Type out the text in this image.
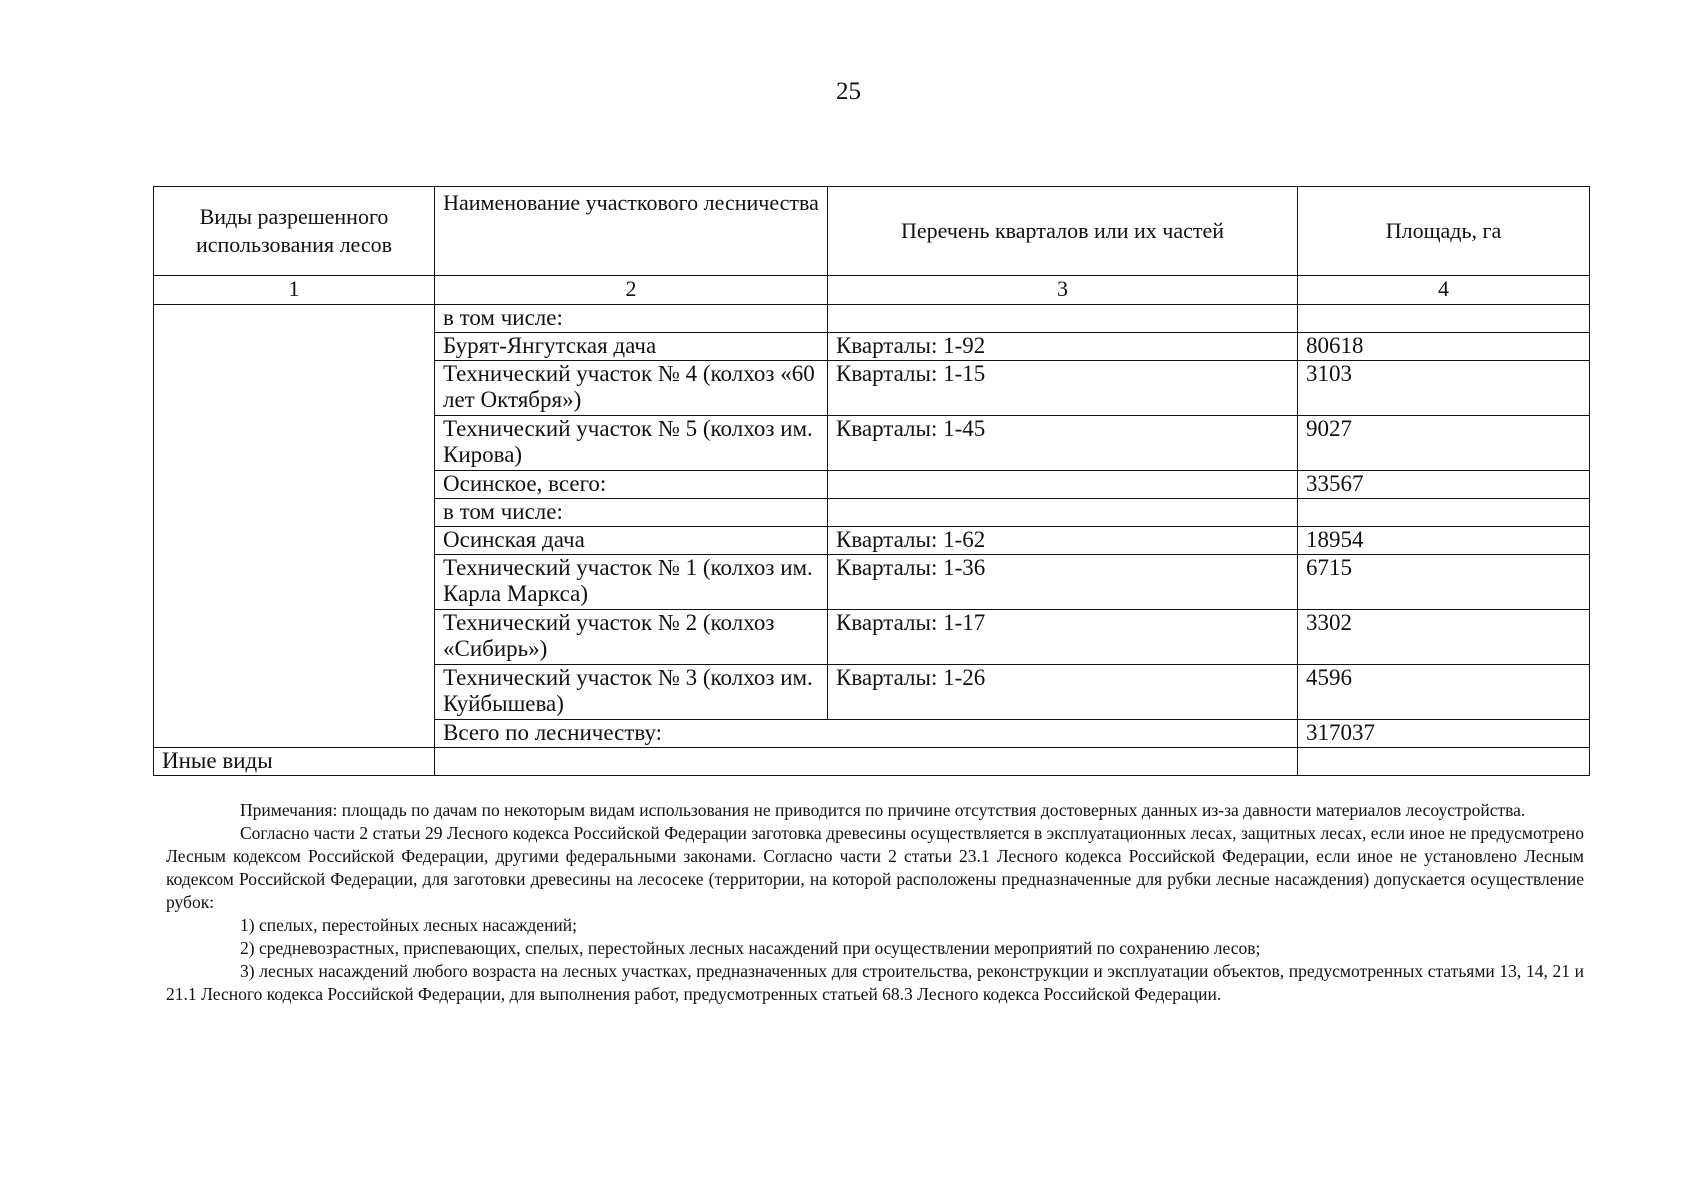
25
Виды разрешенного использования лесов	Наименование участкового лесничества	Перечень кварталов или их частей	Площадь, га
1	2	3	4
	в том числе:		
	Бурят-Янгутская дача	Кварталы: 1-92	80618
	Технический участок № 4 (колхоз «60 лет Октября»)	Кварталы: 1-15	3103
	Технический участок № 5 (колхоз им. Кирова)	Кварталы: 1-45	9027
	Осинское, всего:		33567
	в том числе:		
	Осинская дача	Кварталы: 1-62	18954
	Технический участок № 1 (колхоз им. Карла Маркса)	Кварталы: 1-36	6715
	Технический участок № 2 (колхоз «Сибирь»)	Кварталы: 1-17	3302
	Технический участок № 3 (колхоз им. Куйбышева)	Кварталы: 1-26	4596
	Всего по лесничеству:		317037
Иные виды			

Примечания: площадь по дачам по некоторым видам использования не приводится по причине отсутствия достоверных данных из-за давности материалов лесоустройства.

Согласно части 2 статьи 29 Лесного кодекса Российской Федерации заготовка древесины осуществляется в эксплуатационных лесах, защитных лесах, если иное не предусмотрено Лесным кодексом Российской Федерации, другими федеральными законами. Согласно части 2 статьи 23.1 Лесного кодекса Российской Федерации, если иное не установлено Лесным кодексом Российской Федерации, для заготовки древесины на лесосеке (территории, на которой расположены предназначенные для рубки лесные насаждения) допускается осуществление рубок:

1) спелых, перестойных лесных насаждений;

2) средневозрастных, приспевающих, спелых, перестойных лесных насаждений при осуществлении мероприятий по сохранению лесов;

3) лесных насаждений любого возраста на лесных участках, предназначенных для строительства, реконструкции и эксплуатации объектов, предусмотренных статьями 13, 14, 21 и 21.1 Лесного кодекса Российской Федерации, для выполнения работ, предусмотренных статьей 68.3 Лесного кодекса Российской Федерации.
